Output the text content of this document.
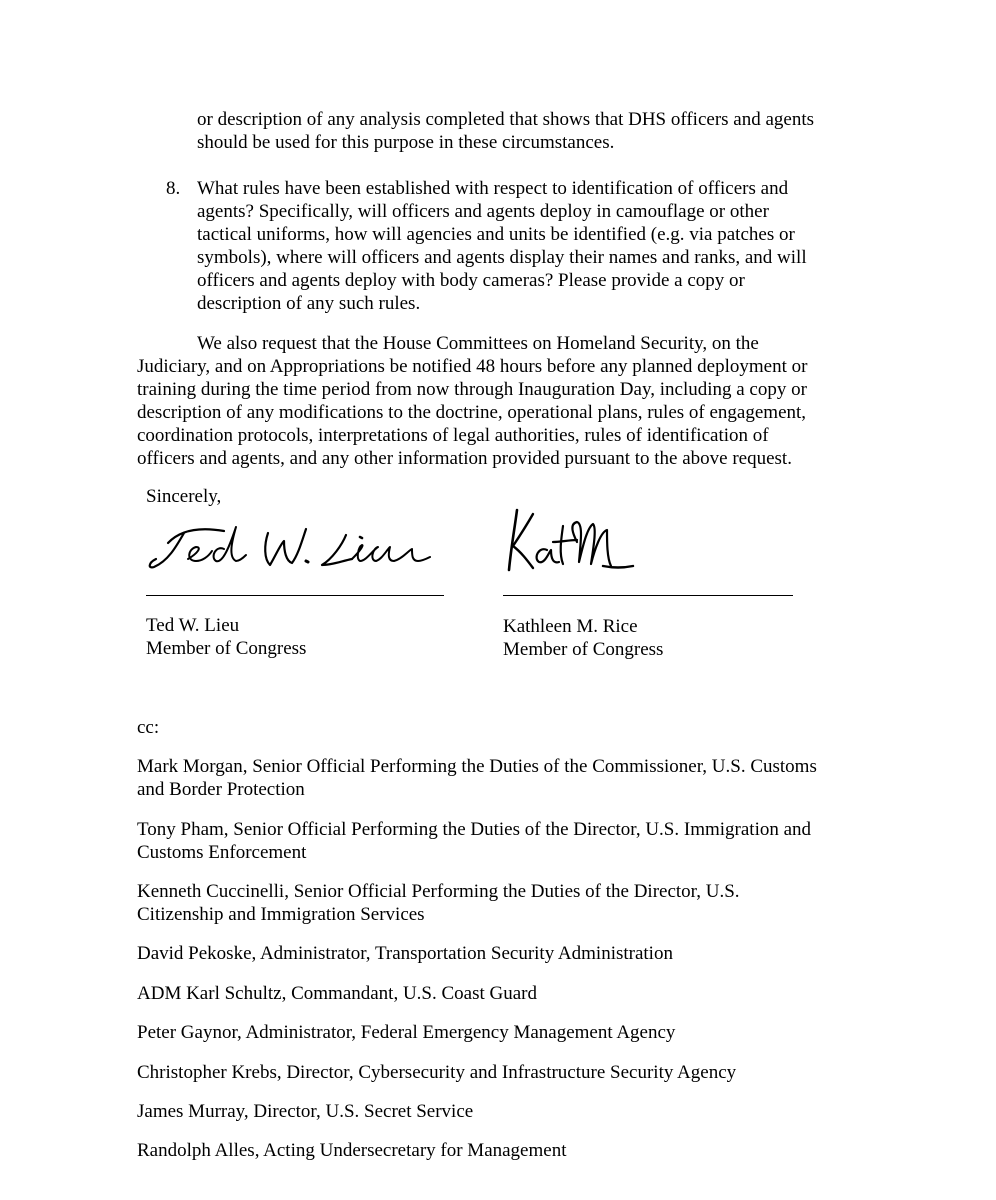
or description of any analysis completed that shows that DHS officers and agents
should be used for this purpose in these circumstances.
8. What rules have been established with respect to identification of officers and
agents? Specifically, will officers and agents deploy in camouflage or other
tactical uniforms, how will agencies and units be identified (e.g. via patches or
symbols), where will officers and agents display their names and ranks, and will
officers and agents deploy with body cameras? Please provide a copy or
description of any such rules.
We also request that the House Committees on Homeland Security, on the
Judiciary, and on Appropriations be notified 48 hours before any planned deployment or
training during the time period from now through Inauguration Day, including a copy or
description of any modifications to the doctrine, operational plans, rules of engagement,
coordination protocols, interpretations of legal authorities, rules of identification of
officers and agents, and any other information provided pursuant to the above request.
Sincerely,
Ted W. Lieu
Member of Congress
Kathleen M. Rice
Member of Congress
cc:
Mark Morgan, Senior Official Performing the Duties of the Commissioner, U.S. Customs
and Border Protection
Tony Pham, Senior Official Performing the Duties of the Director, U.S. Immigration and
Customs Enforcement
Kenneth Cuccinelli, Senior Official Performing the Duties of the Director, U.S.
Citizenship and Immigration Services
David Pekoske, Administrator, Transportation Security Administration
ADM Karl Schultz, Commandant, U.S. Coast Guard
Peter Gaynor, Administrator, Federal Emergency Management Agency
Christopher Krebs, Director, Cybersecurity and Infrastructure Security Agency
James Murray, Director, U.S. Secret Service
Randolph Alles, Acting Undersecretary for Management
